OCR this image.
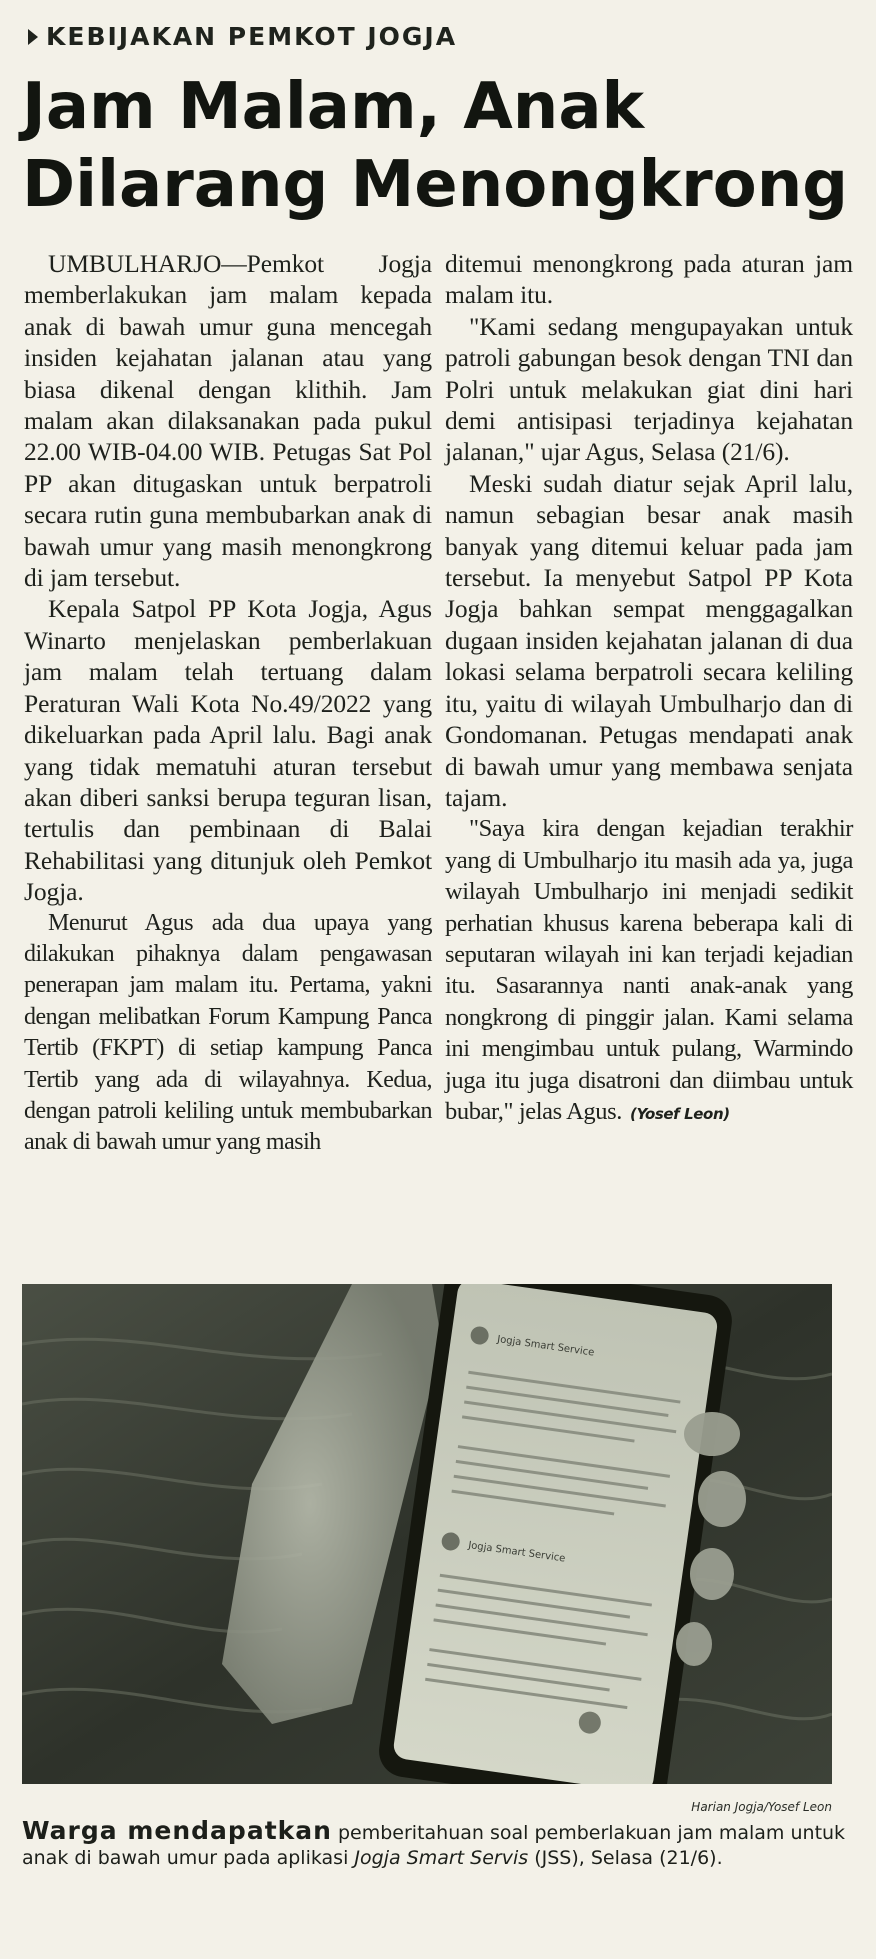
KEBIJAKAN PEMKOT JOGJA
Jam Malam, Anak
Dilarang Menongkrong

UMBULHARJO—Pemkot Jogja memberlakukan jam malam kepada anak di bawah umur guna mencegah insiden kejahatan jalanan atau yang biasa dikenal dengan klithih. Jam malam akan dilaksanakan pada pukul 22.00 WIB-04.00 WIB. Petugas Sat Pol PP akan ditugaskan untuk berpatroli secara rutin guna membubarkan anak di bawah umur yang masih menongkrong di jam tersebut.

Kepala Satpol PP Kota Jogja, Agus Winarto menjelaskan pemberlakuan jam malam telah tertuang dalam Peraturan Wali Kota No.49/2022 yang dikeluarkan pada April lalu. Bagi anak yang tidak mematuhi aturan tersebut akan diberi sanksi berupa teguran lisan, tertulis dan pembinaan di Balai Rehabilitasi yang ditunjuk oleh Pemkot Jogja.

Menurut Agus ada dua upaya yang dilakukan pihaknya dalam pengawasan penerapan jam malam itu. Pertama, yakni dengan melibatkan Forum Kampung Panca Tertib (FKPT) di setiap kampung Panca Tertib yang ada di wilayahnya. Kedua, dengan patroli keliling untuk membubarkan anak di bawah umur yang masih

ditemui menongkrong pada aturan jam malam itu.

"Kami sedang mengupayakan untuk patroli gabungan besok dengan TNI dan Polri untuk melakukan giat dini hari demi antisipasi terjadinya kejahatan jalanan," ujar Agus, Selasa (21/6).

Meski sudah diatur sejak April lalu, namun sebagian besar anak masih banyak yang ditemui keluar pada jam tersebut. Ia menyebut Satpol PP Kota Jogja bahkan sempat menggagalkan dugaan insiden kejahatan jalanan di dua lokasi selama berpatroli secara keliling itu, yaitu di wilayah Umbulharjo dan di Gondomanan. Petugas mendapati anak di bawah umur yang membawa senjata tajam.

"Saya kira dengan kejadian terakhir yang di Umbulharjo itu masih ada ya, juga wilayah Umbulharjo ini menjadi sedikit perhatian khusus karena beberapa kali di seputaran wilayah ini kan terjadi kejadian itu. Sasarannya nanti anak-anak yang nongkrong di pinggir jalan. Kami selama ini mengimbau untuk pulang, Warmindo juga itu juga disatroni dan diimbau untuk bubar," jelas Agus. (Yosef Leon)

Jogja Smart Service
Jogja Smart Service
Harian Jogja/Yosef Leon
Warga mendapatkan pemberitahuan soal pemberlakuan jam malam untuk anak di bawah umur pada aplikasi Jogja Smart Servis (JSS), Selasa (21/6).
